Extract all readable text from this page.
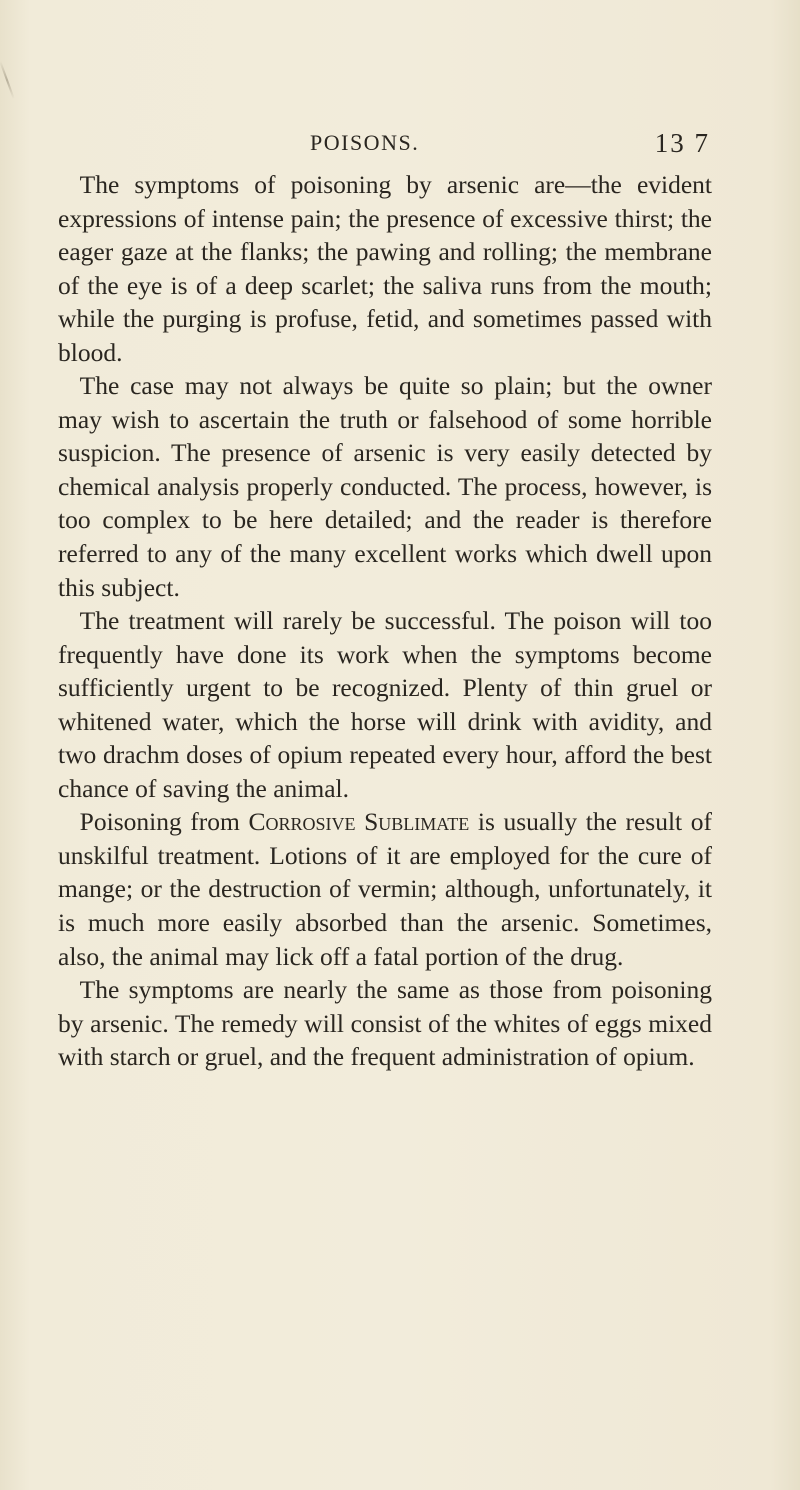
POISONS.	13 7

The symptoms of poisoning by arsenic are—the evident expressions of intense pain; the presence of excessive thirst; the eager gaze at the flanks; the pawing and rolling; the membrane of the eye is of a deep scarlet; the saliva runs from the mouth; while the purging is profuse, fetid, and sometimes passed with blood.

The case may not always be quite so plain; but the owner may wish to ascertain the truth or falsehood of some horrible suspicion. The presence of arsenic is very easily detected by chemical analysis properly conducted. The process, however, is too complex to be here detailed; and the reader is therefore referred to any of the many excellent works which dwell upon this subject.

The treatment will rarely be successful. The poison will too frequently have done its work when the symptoms become sufficiently urgent to be recognized. Plenty of thin gruel or whitened water, which the horse will drink with avidity, and two drachm doses of opium repeated every hour, afford the best chance of saving the animal.

Poisoning from Corrosive Sublimate is usually the result of unskilful treatment. Lotions of it are employed for the cure of mange; or the destruction of vermin; although, unfortunately, it is much more easily absorbed than the arsenic. Sometimes, also, the animal may lick off a fatal portion of the drug.

The symptoms are nearly the same as those from poisoning by arsenic. The remedy will consist of the whites of eggs mixed with starch or gruel, and the frequent administration of opium.
